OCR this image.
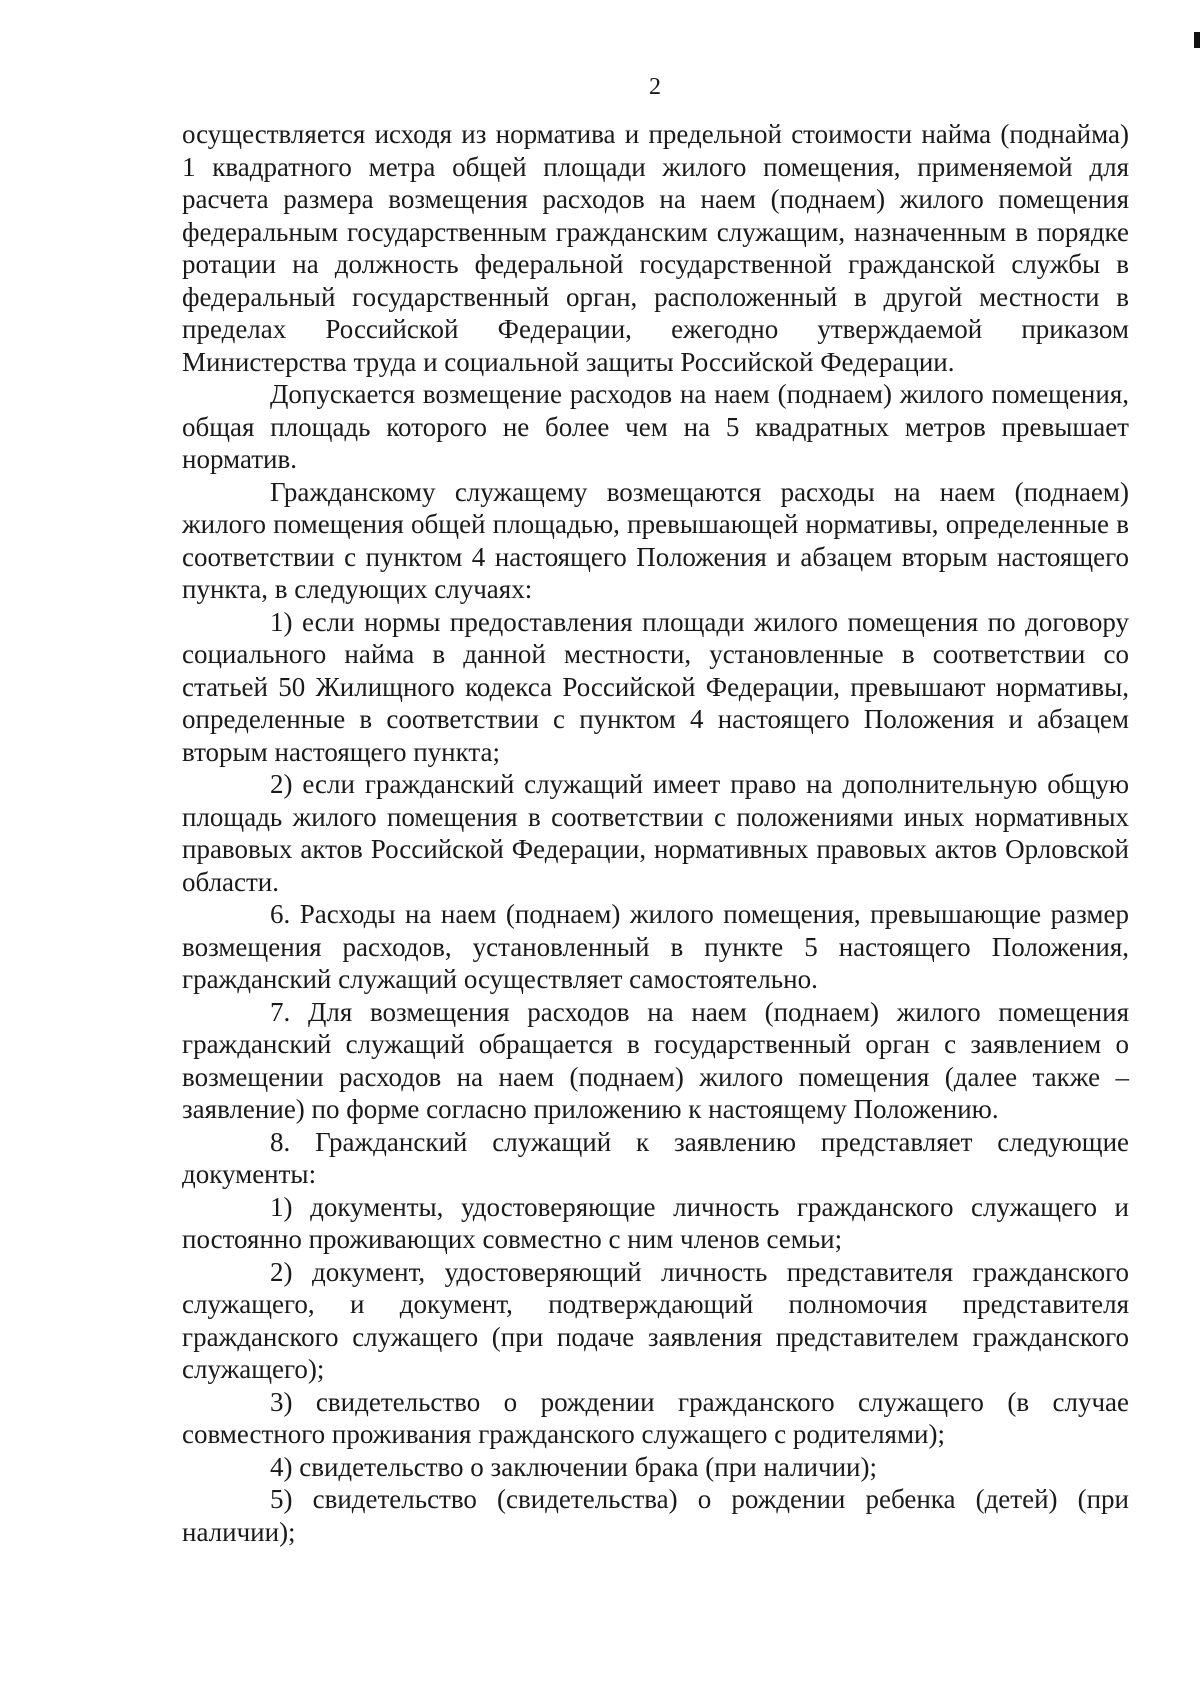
2

осуществляется исходя из норматива и предельной стоимости найма (поднайма) 1 квадратного метра общей площади жилого помещения, применяемой для расчета размера возмещения расходов на наем (поднаем) жилого помещения федеральным государственным гражданским служащим, назначенным в порядке ротации на должность федеральной государственной гражданской службы в федеральный государственный орган, расположенный в другой местности в пределах Российской Федерации, ежегодно утверждаемой приказом Министерства труда и социальной защиты Российской Федерации.

Допускается возмещение расходов на наем (поднаем) жилого помещения, общая площадь которого не более чем на 5 квадратных метров превышает норматив.

Гражданскому служащему возмещаются расходы на наем (поднаем) жилого помещения общей площадью, превышающей нормативы, определенные в соответствии с пунктом 4 настоящего Положения и абзацем вторым настоящего пункта, в следующих случаях:

1) если нормы предоставления площади жилого помещения по договору социального найма в данной местности, установленные в соответствии со статьей 50 Жилищного кодекса Российской Федерации, превышают нормативы, определенные в соответствии с пунктом 4 настоящего Положения и абзацем вторым настоящего пункта;

2) если гражданский служащий имеет право на дополнительную общую площадь жилого помещения в соответствии с положениями иных нормативных правовых актов Российской Федерации, нормативных правовых актов Орловской области.

6. Расходы на наем (поднаем) жилого помещения, превышающие размер возмещения расходов, установленный в пункте 5 настоящего Положения, гражданский служащий осуществляет самостоятельно.

7. Для возмещения расходов на наем (поднаем) жилого помещения гражданский служащий обращается в государственный орган с заявлением о возмещении расходов на наем (поднаем) жилого помещения (далее также – заявление) по форме согласно приложению к настоящему Положению.

8. Гражданский служащий к заявлению представляет следующие документы:

1) документы, удостоверяющие личность гражданского служащего и постоянно проживающих совместно с ним членов семьи;

2) документ, удостоверяющий личность представителя гражданского служащего, и документ, подтверждающий полномочия представителя гражданского служащего (при подаче заявления представителем гражданского служащего);

3) свидетельство о рождении гражданского служащего (в случае совместного проживания гражданского служащего с родителями);

4) свидетельство о заключении брака (при наличии);

5) свидетельство (свидетельства) о рождении ребенка (детей) (при наличии);
